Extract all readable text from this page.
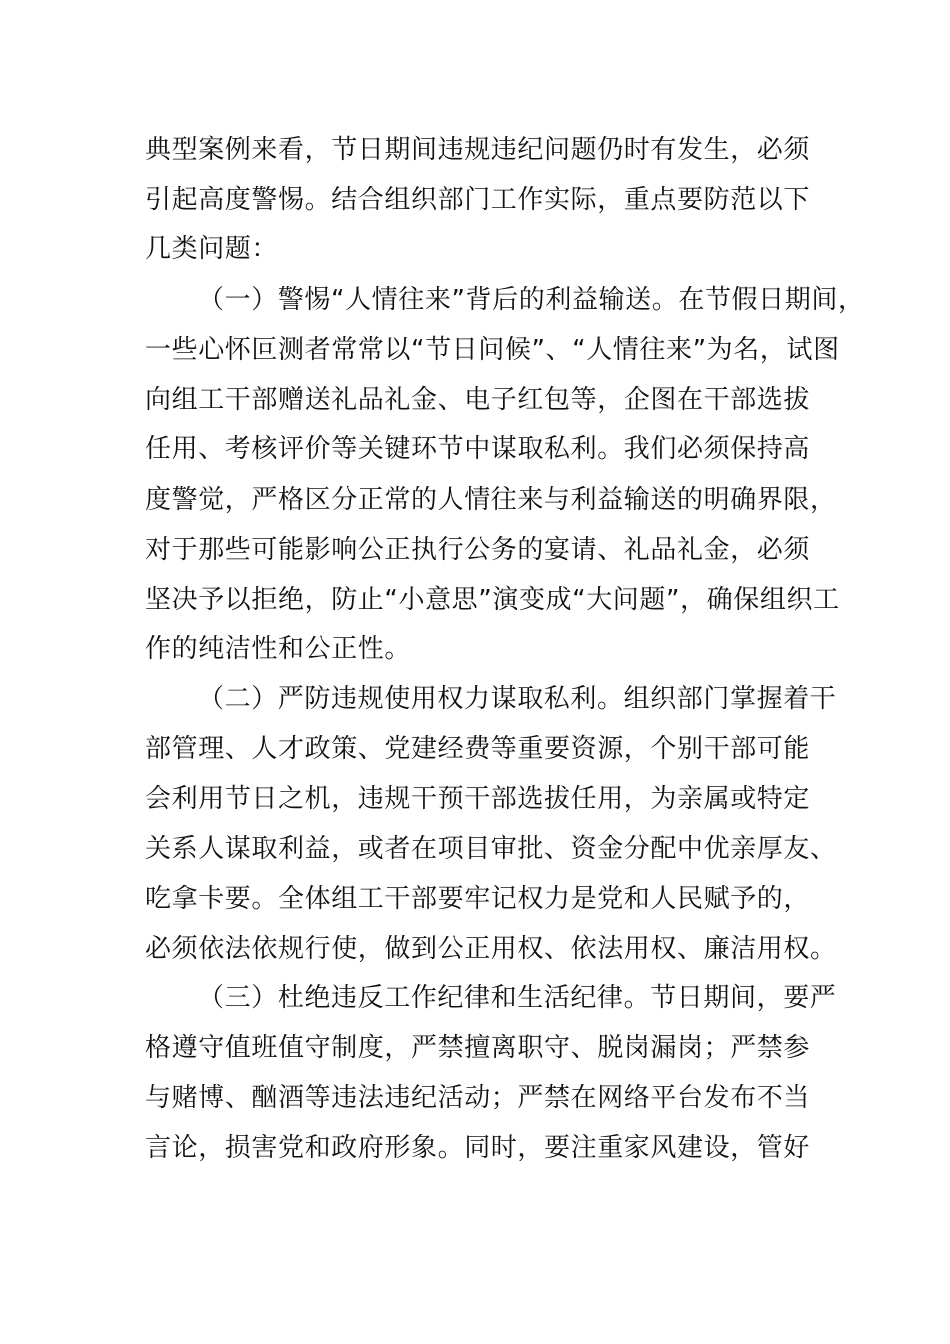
典型案例来看，节日期间违规违纪问题仍时有发生，必须
引起高度警惕。结合组织部门工作实际，重点要防范以下
几类问题：
（一）警惕“人情往来”背后的利益输送。在节假日期间，
一些心怀叵测者常常以“节日问候”、“人情往来”为名，试图
向组工干部赠送礼品礼金、电子红包等，企图在干部选拔
任用、考核评价等关键环节中谋取私利。我们必须保持高
度警觉，严格区分正常的人情往来与利益输送的明确界限，
对于那些可能影响公正执行公务的宴请、礼品礼金，必须
坚决予以拒绝，防止“小意思”演变成“大问题”，确保组织工
作的纯洁性和公正性。
（二）严防违规使用权力谋取私利。组织部门掌握着干
部管理、人才政策、党建经费等重要资源，个别干部可能
会利用节日之机，违规干预干部选拔任用，为亲属或特定
关系人谋取利益，或者在项目审批、资金分配中优亲厚友、
吃拿卡要。全体组工干部要牢记权力是党和人民赋予的，
必须依法依规行使，做到公正用权、依法用权、廉洁用权。
（三）杜绝违反工作纪律和生活纪律。节日期间，要严
格遵守值班值守制度，严禁擅离职守、脱岗漏岗；严禁参
与赌博、酗酒等违法违纪活动；严禁在网络平台发布不当
言论，损害党和政府形象。同时，要注重家风建设，管好
